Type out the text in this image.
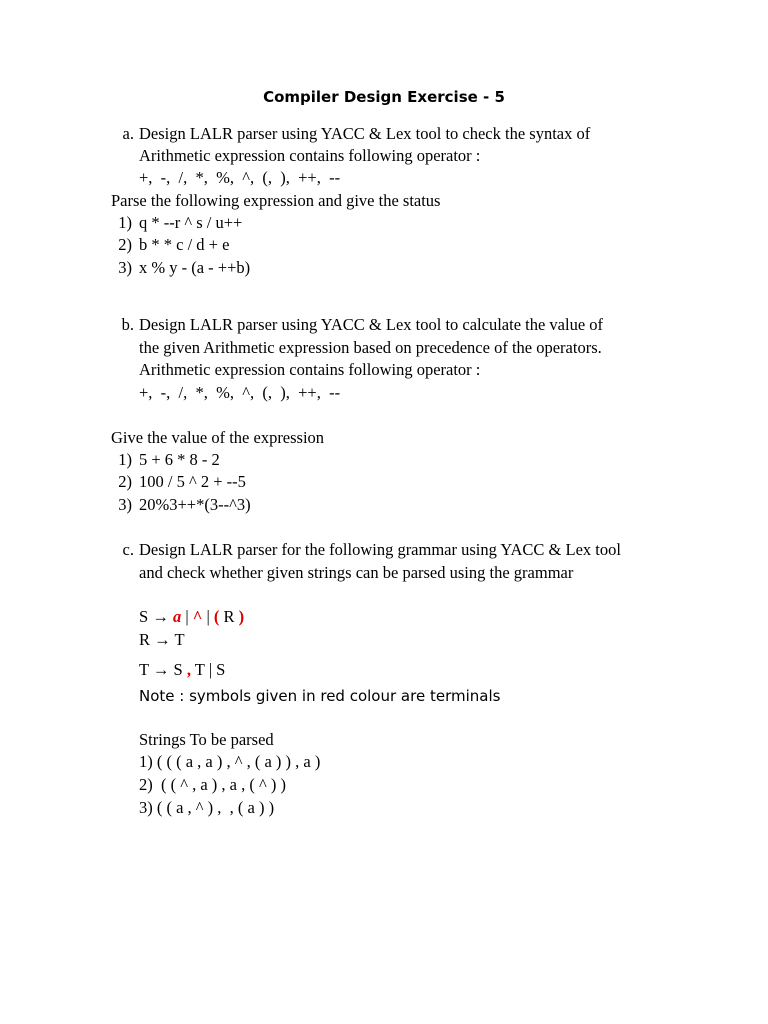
Compiler Design Exercise - 5
a. Design LALR parser using YACC & Lex tool to check the syntax of
Arithmetic expression contains following operator :
+,  -,  /,  *,  %,  ^,  (,  ),  ++,  --
Parse the following expression and give the status
1) q * --r ^ s / u++
2) b * * c / d + e
3) x % y - (a - ++b)
b. Design LALR parser using YACC & Lex tool to calculate the value of
the given Arithmetic expression based on precedence of the operators.
Arithmetic expression contains following operator :
+,  -,  /,  *,  %,  ^,  (,  ),  ++,  --
Give the value of the expression
1) 5 + 6 * 8 - 2
2) 100 / 5 ^ 2 + --5
3) 20%3++*(3--^3)
c. Design LALR parser for the following grammar using YACC & Lex tool
and check whether given strings can be parsed using the grammar
S → a | ^ | ( R )
R → T
T → S , T | S
Note : symbols given in red colour are terminals
Strings To be parsed
1) ( ( ( a , a ) , ^ , ( a ) ) , a )
2)  ( ( ^ , a ) , a , ( ^ ) )
3) ( ( a , ^ ) ,  , ( a ) )
